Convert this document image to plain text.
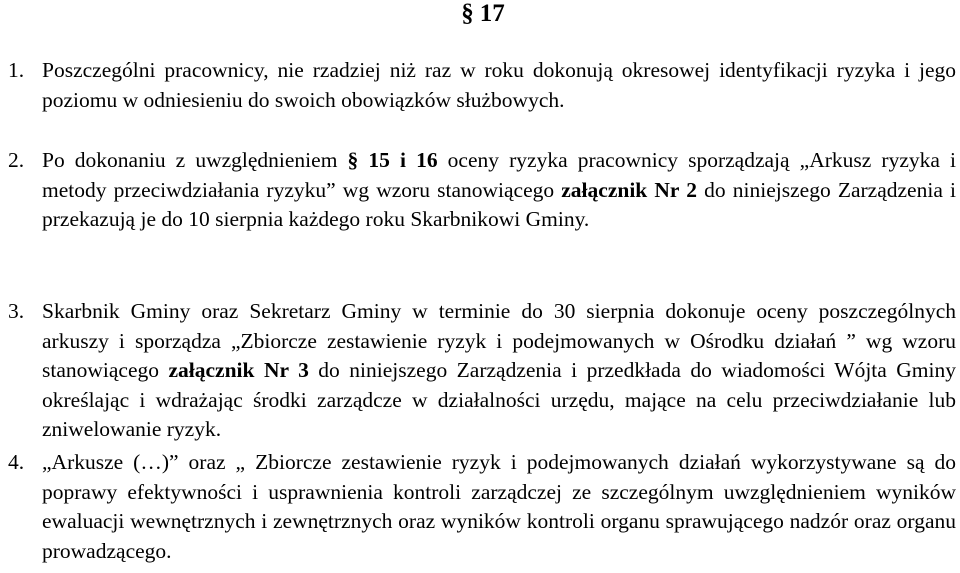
§ 17
1. Poszczególni pracownicy, nie rzadziej niż raz w roku dokonują okresowej identyfikacji ryzyka i jego poziomu w odniesieniu do swoich obowiązków służbowych.
2. Po dokonaniu z uwzględnieniem § 15 i 16 oceny ryzyka pracownicy sporządzają „Arkusz ryzyka i metody przeciwdziałania ryzyku” wg wzoru stanowiącego załącznik Nr 2 do niniejszego Zarządzenia i przekazują je do 10 sierpnia każdego roku Skarbnikowi Gminy.
3. Skarbnik Gminy oraz Sekretarz Gminy w terminie do 30 sierpnia dokonuje oceny poszczególnych arkuszy i sporządza „Zbiorcze zestawienie ryzyk i podejmowanych w Ośrodku działań ” wg wzoru stanowiącego załącznik Nr 3 do niniejszego Zarządzenia i przedkłada do wiadomości Wójta Gminy określając i wdrażając środki zarządcze w działalności urzędu, mające na celu przeciwdziałanie lub zniwelowanie ryzyk.
4. „Arkusze (…)” oraz „ Zbiorcze zestawienie ryzyk i podejmowanych działań wykorzystywane są do poprawy efektywności i usprawnienia kontroli zarządczej ze szczególnym uwzględnieniem wyników ewaluacji wewnętrznych i zewnętrznych oraz wyników kontroli organu sprawującego nadzór oraz organu prowadzącego.
